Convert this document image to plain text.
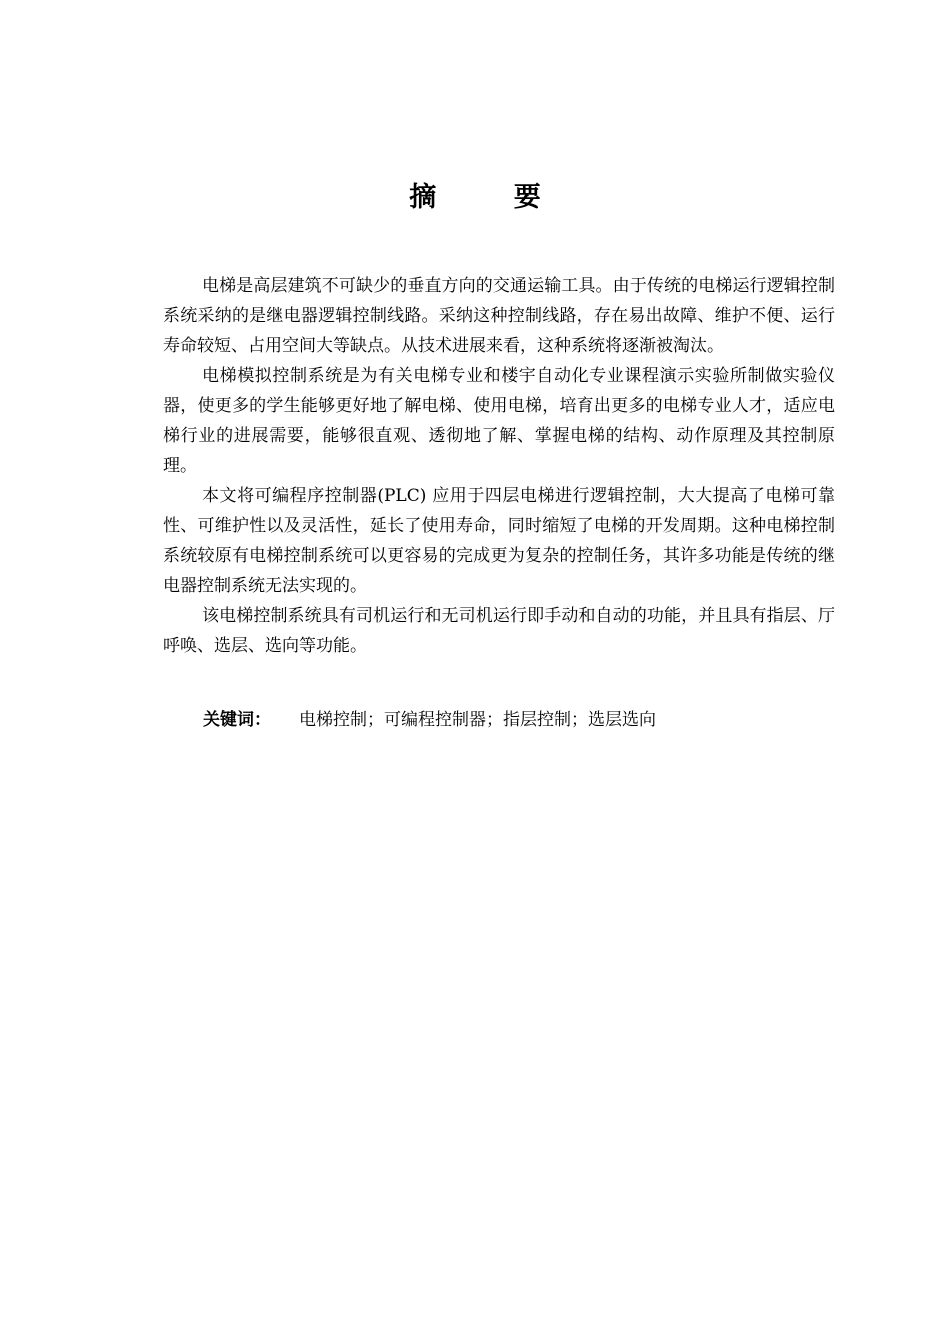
摘 要

电梯是高层建筑不可缺少的垂直方向的交通运输工具。由于传统的电梯运行逻辑控制系统采纳的是继电器逻辑控制线路。采纳这种控制线路，存在易出故障、维护不便、运行寿命较短、占用空间大等缺点。从技术进展来看，这种系统将逐渐被淘汰。

电梯模拟控制系统是为有关电梯专业和楼宇自动化专业课程演示实验所制做实验仪器，使更多的学生能够更好地了解电梯、使用电梯，培育出更多的电梯专业人才，适应电梯行业的进展需要，能够很直观、透彻地了解、掌握电梯的结构、动作原理及其控制原理。

本文将可编程序控制器(PLC) 应用于四层电梯进行逻辑控制，大大提高了电梯可靠性、可维护性以及灵活性，延长了使用寿命，同时缩短了电梯的开发周期。这种电梯控制系统较原有电梯控制系统可以更容易的完成更为复杂的控制任务，其许多功能是传统的继电器控制系统无法实现的。

该电梯控制系统具有司机运行和无司机运行即手动和自动的功能，并且具有指层、厅呼唤、选层、选向等功能。

关键词： 电梯控制；可编程控制器；指层控制；选层选向
